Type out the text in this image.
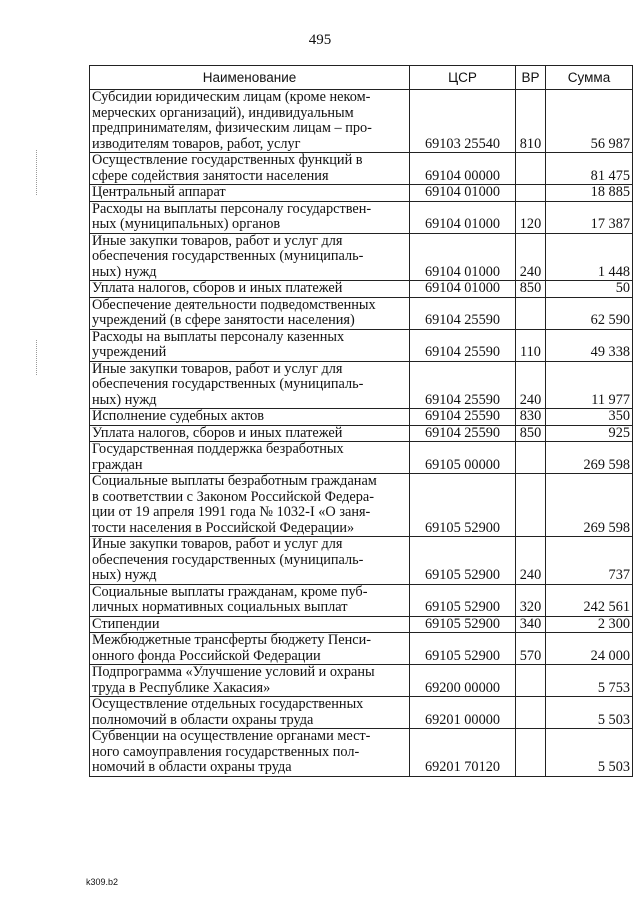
495
Наименование	ЦСР	ВР	Сумма
Субсидии юридическим лицам (кроме неком-
мерческих организаций), индивидуальным
предпринимателям, физическим лицам – про-
изводителям товаров, работ, услуг	69103 25540	810	56 987
Осуществление государственных функций в
сфере содействия занятости населения	69104 00000		81 475
Центральный аппарат	69104 01000		18 885
Расходы на выплаты персоналу государствен-
ных (муниципальных) органов	69104 01000	120	17 387
Иные закупки товаров, работ и услуг для
обеспечения государственных (муниципаль-
ных) нужд	69104 01000	240	1 448
Уплата налогов, сборов и иных платежей	69104 01000	850	50
Обеспечение деятельности подведомственных
учреждений (в сфере занятости населения)	69104 25590		62 590
Расходы на выплаты персоналу казенных
учреждений	69104 25590	110	49 338
Иные закупки товаров, работ и услуг для
обеспечения государственных (муниципаль-
ных) нужд	69104 25590	240	11 977
Исполнение судебных актов	69104 25590	830	350
Уплата налогов, сборов и иных платежей	69104 25590	850	925
Государственная поддержка безработных
граждан	69105 00000		269 598
Социальные выплаты безработным гражданам
в соответствии с Законом Российской Федера-
ции от 19 апреля 1991 года № 1032-I «О заня-
тости населения в Российской Федерации»	69105 52900		269 598
Иные закупки товаров, работ и услуг для
обеспечения государственных (муниципаль-
ных) нужд	69105 52900	240	737
Социальные выплаты гражданам, кроме пуб-
личных нормативных социальных выплат	69105 52900	320	242 561
Стипендии	69105 52900	340	2 300
Межбюджетные трансферты бюджету Пенси-
онного фонда Российской Федерации	69105 52900	570	24 000
Подпрограмма «Улучшение условий и охраны
труда в Республике Хакасия»	69200 00000		5 753
Осуществление отдельных государственных
полномочий в области охраны труда	69201 00000		5 503
Субвенции на осуществление органами мест-
ного самоуправления государственных пол-
номочий в области охраны труда	69201 70120		5 503
k309.b2
